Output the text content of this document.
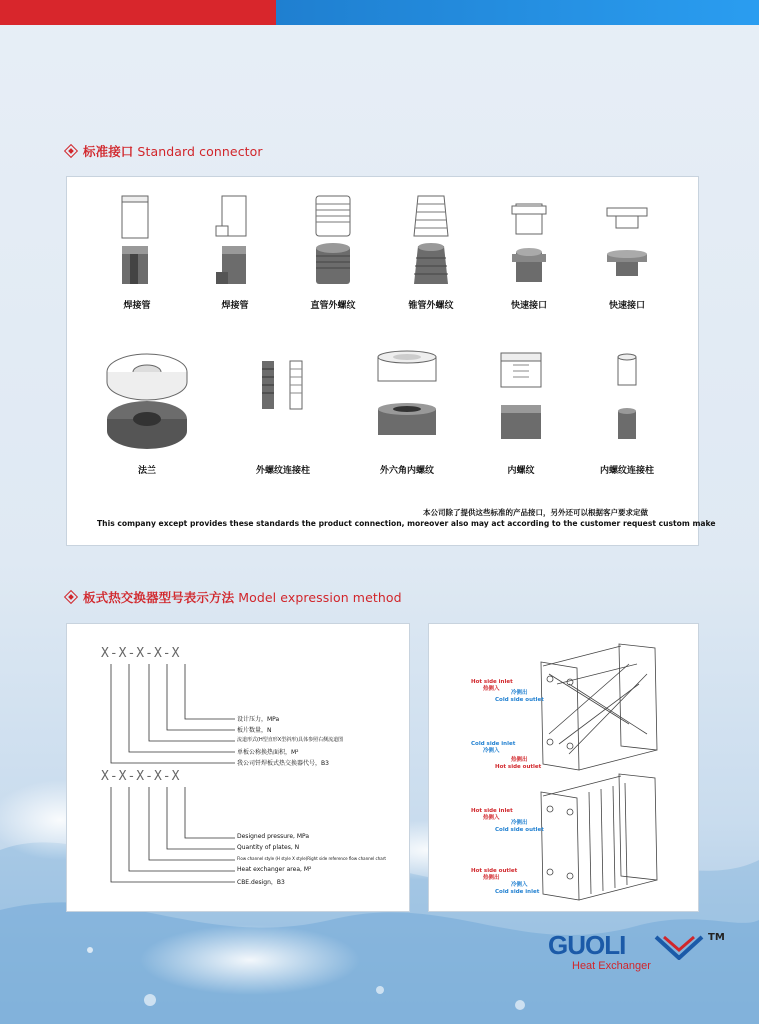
标准接口 Standard connector
焊接管	焊接管	直管外螺纹	锥管外螺纹	快速接口	快速接口
法兰	外螺纹连接柱	外六角内螺纹	内螺纹	内螺纹连接柱
本公司除了提供这些标准的产品接口，另外还可以根据客户要求定做
This company except provides these standards the product connection, moreover also may act according to the customer request custom make
板式热交换器型号表示方法 Model expression method
X-X-X-X-X
设计压力，MPa
板片数量，N
流道形式(H型直形X型斜形)具体参照右侧流道图
单板公称换热面积，M²
我公司钎焊板式热交换器代号，B3
X-X-X-X-X
Designed pressure, MPa
Quantity of plates, N
Flow channel style (H style X style)Right side reference flow channel chart
Heat exchanger area, M²
CBE.design，B3
Hot side inlet
热侧入
冷侧出
Cold side outlet
Cold side inlet
冷侧入
热侧出
Hot side outlet
Hot side inlet
热侧入
冷侧出
Cold side outlet
Hot side outlet
热侧出
冷侧入
Cold side inlet
GUOLI	TM
Heat Exchanger
